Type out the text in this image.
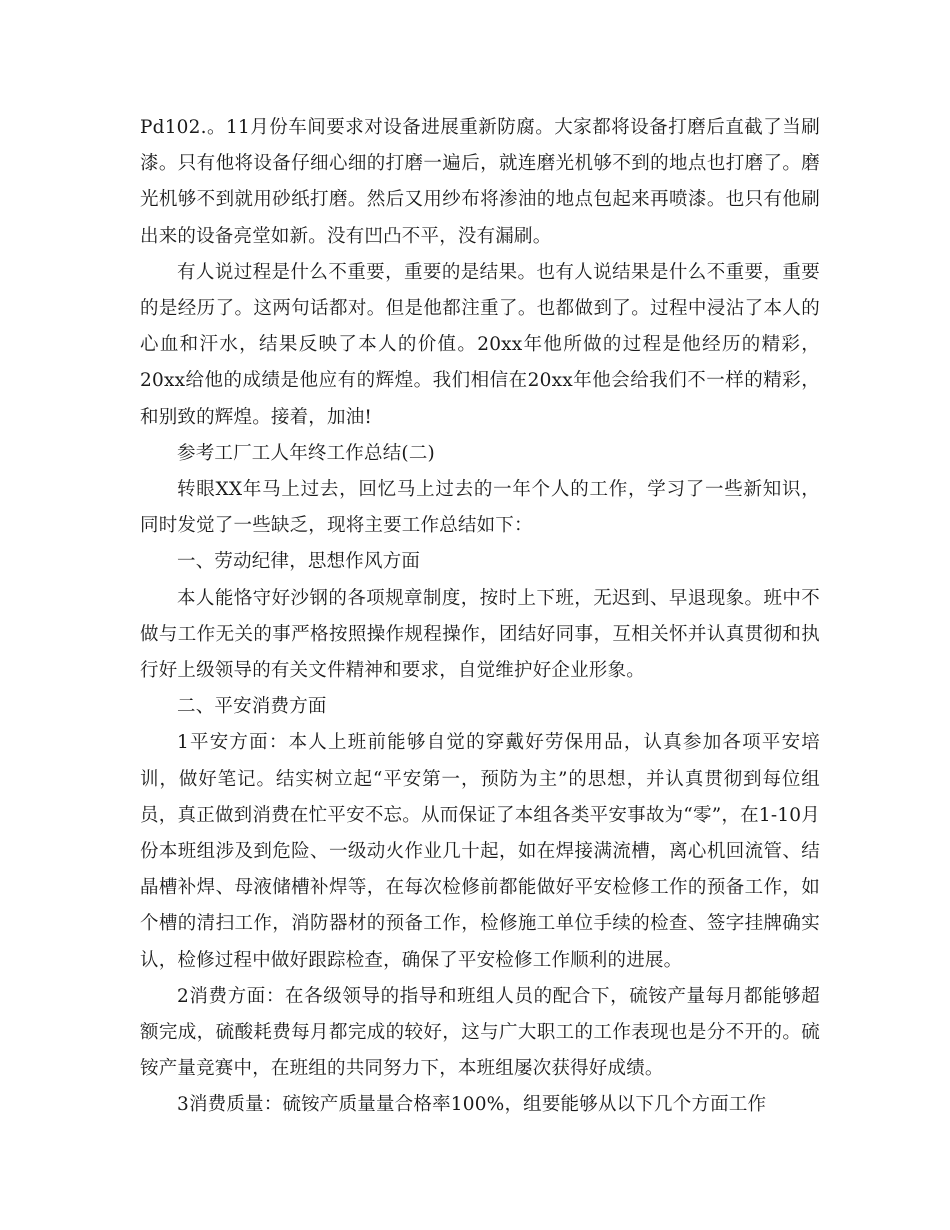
Pd102.。11月份车间要求对设备进展重新防腐。大家都将设备打磨后直截了当刷漆。只有他将设备仔细心细的打磨一遍后，就连磨光机够不到的地点也打磨了。磨光机够不到就用砂纸打磨。然后又用纱布将渗油的地点包起来再喷漆。也只有他刷出来的设备亮堂如新。没有凹凸不平，没有漏刷。

有人说过程是什么不重要，重要的是结果。也有人说结果是什么不重要，重要的是经历了。这两句话都对。但是他都注重了。也都做到了。过程中浸沾了本人的心血和汗水，结果反映了本人的价值。20xx年他所做的过程是他经历的精彩，20xx给他的成绩是他应有的辉煌。我们相信在20xx年他会给我们不一样的精彩，和别致的辉煌。接着，加油!

参考工厂工人年终工作总结(二)

转眼XX年马上过去，回忆马上过去的一年个人的工作，学习了一些新知识，同时发觉了一些缺乏，现将主要工作总结如下：

一、劳动纪律，思想作风方面

本人能恪守好沙钢的各项规章制度，按时上下班，无迟到、早退现象。班中不做与工作无关的事严格按照操作规程操作，团结好同事，互相关怀并认真贯彻和执行好上级领导的有关文件精神和要求，自觉维护好企业形象。

二、平安消费方面

1平安方面：本人上班前能够自觉的穿戴好劳保用品，认真参加各项平安培训，做好笔记。结实树立起“平安第一，预防为主”的思想，并认真贯彻到每位组员，真正做到消费在忙平安不忘。从而保证了本组各类平安事故为“零”，在1-10月份本班组涉及到危险、一级动火作业几十起，如在焊接满流槽，离心机回流管、结晶槽补焊、母液储槽补焊等，在每次检修前都能做好平安检修工作的预备工作，如个槽的清扫工作，消防器材的预备工作，检修施工单位手续的检查、签字挂牌确实认，检修过程中做好跟踪检查，确保了平安检修工作顺利的进展。

2消费方面：在各级领导的指导和班组人员的配合下，硫铵产量每月都能够超额完成，硫酸耗费每月都完成的较好，这与广大职工的工作表现也是分不开的。硫铵产量竞赛中，在班组的共同努力下，本班组屡次获得好成绩。

3消费质量：硫铵产质量量合格率100%，组要能够从以下几个方面工作
